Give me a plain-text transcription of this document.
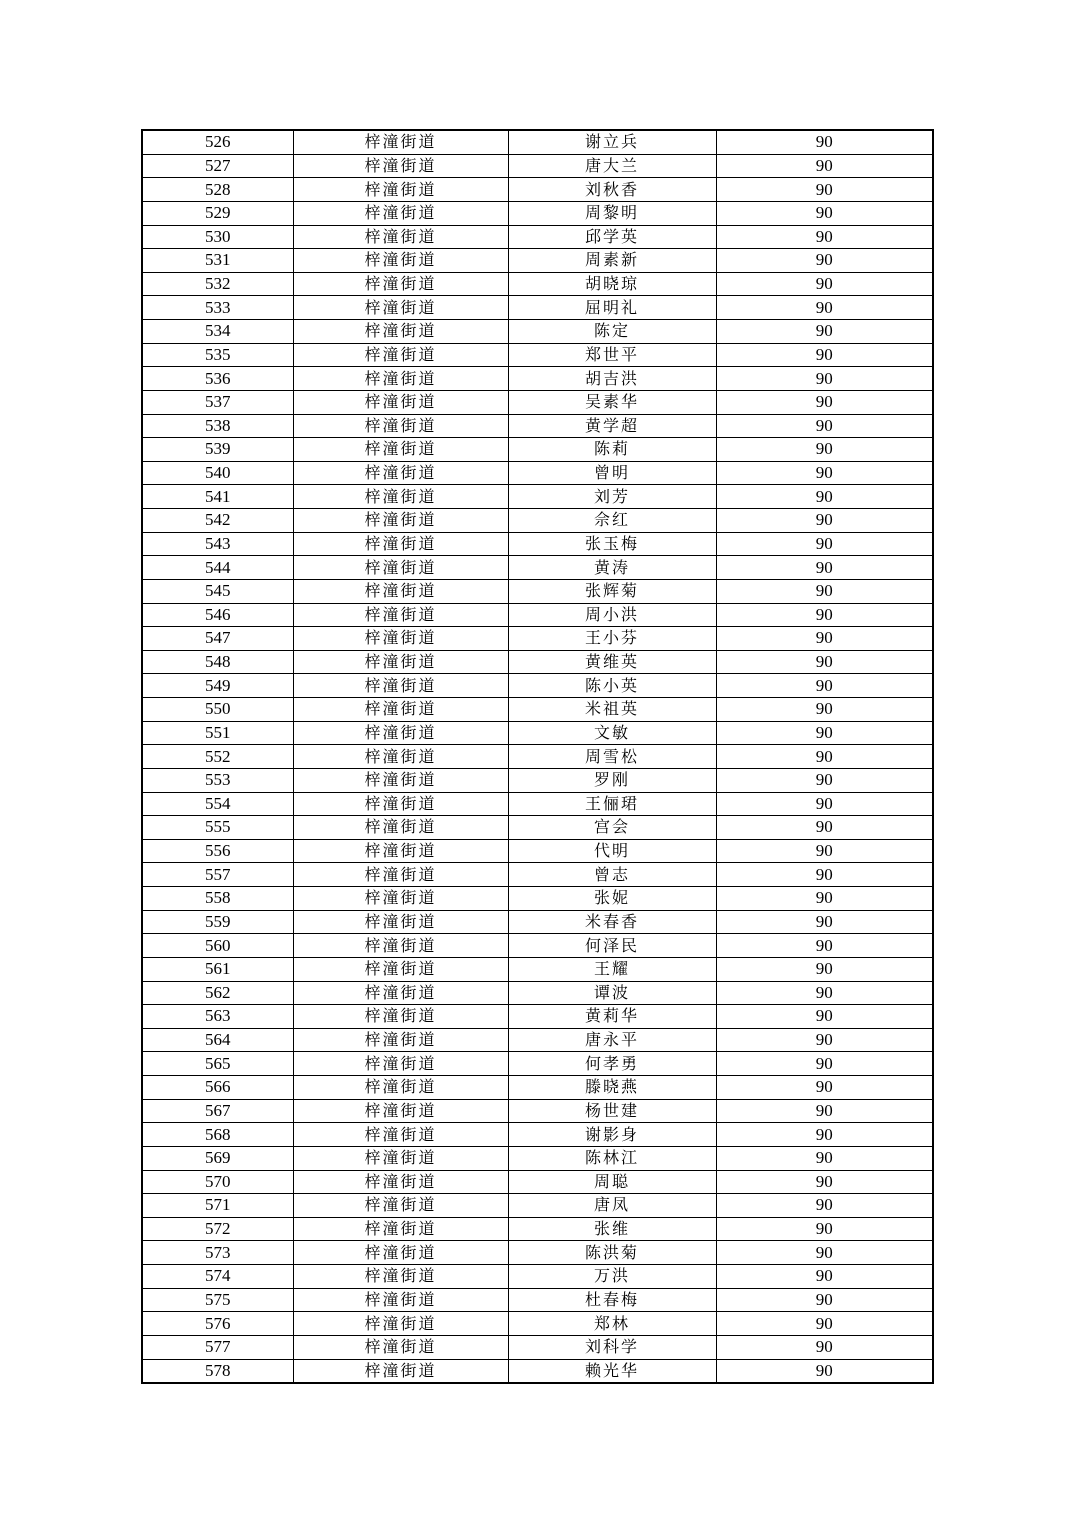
526	梓潼街道	谢立兵	90
527	梓潼街道	唐大兰	90
528	梓潼街道	刘秋香	90
529	梓潼街道	周黎明	90
530	梓潼街道	邱学英	90
531	梓潼街道	周素新	90
532	梓潼街道	胡晓琼	90
533	梓潼街道	屈明礼	90
534	梓潼街道	陈定	90
535	梓潼街道	郑世平	90
536	梓潼街道	胡吉洪	90
537	梓潼街道	吴素华	90
538	梓潼街道	黄学超	90
539	梓潼街道	陈莉	90
540	梓潼街道	曾明	90
541	梓潼街道	刘芳	90
542	梓潼街道	佘红	90
543	梓潼街道	张玉梅	90
544	梓潼街道	黄涛	90
545	梓潼街道	张辉菊	90
546	梓潼街道	周小洪	90
547	梓潼街道	王小芬	90
548	梓潼街道	黄维英	90
549	梓潼街道	陈小英	90
550	梓潼街道	米祖英	90
551	梓潼街道	文敏	90
552	梓潼街道	周雪松	90
553	梓潼街道	罗刚	90
554	梓潼街道	王俪珺	90
555	梓潼街道	宫会	90
556	梓潼街道	代明	90
557	梓潼街道	曾志	90
558	梓潼街道	张妮	90
559	梓潼街道	米春香	90
560	梓潼街道	何泽民	90
561	梓潼街道	王耀	90
562	梓潼街道	谭波	90
563	梓潼街道	黄莉华	90
564	梓潼街道	唐永平	90
565	梓潼街道	何孝勇	90
566	梓潼街道	滕晓燕	90
567	梓潼街道	杨世建	90
568	梓潼街道	谢影身	90
569	梓潼街道	陈林江	90
570	梓潼街道	周聪	90
571	梓潼街道	唐凤	90
572	梓潼街道	张维	90
573	梓潼街道	陈洪菊	90
574	梓潼街道	万洪	90
575	梓潼街道	杜春梅	90
576	梓潼街道	郑林	90
577	梓潼街道	刘科学	90
578	梓潼街道	赖光华	90
